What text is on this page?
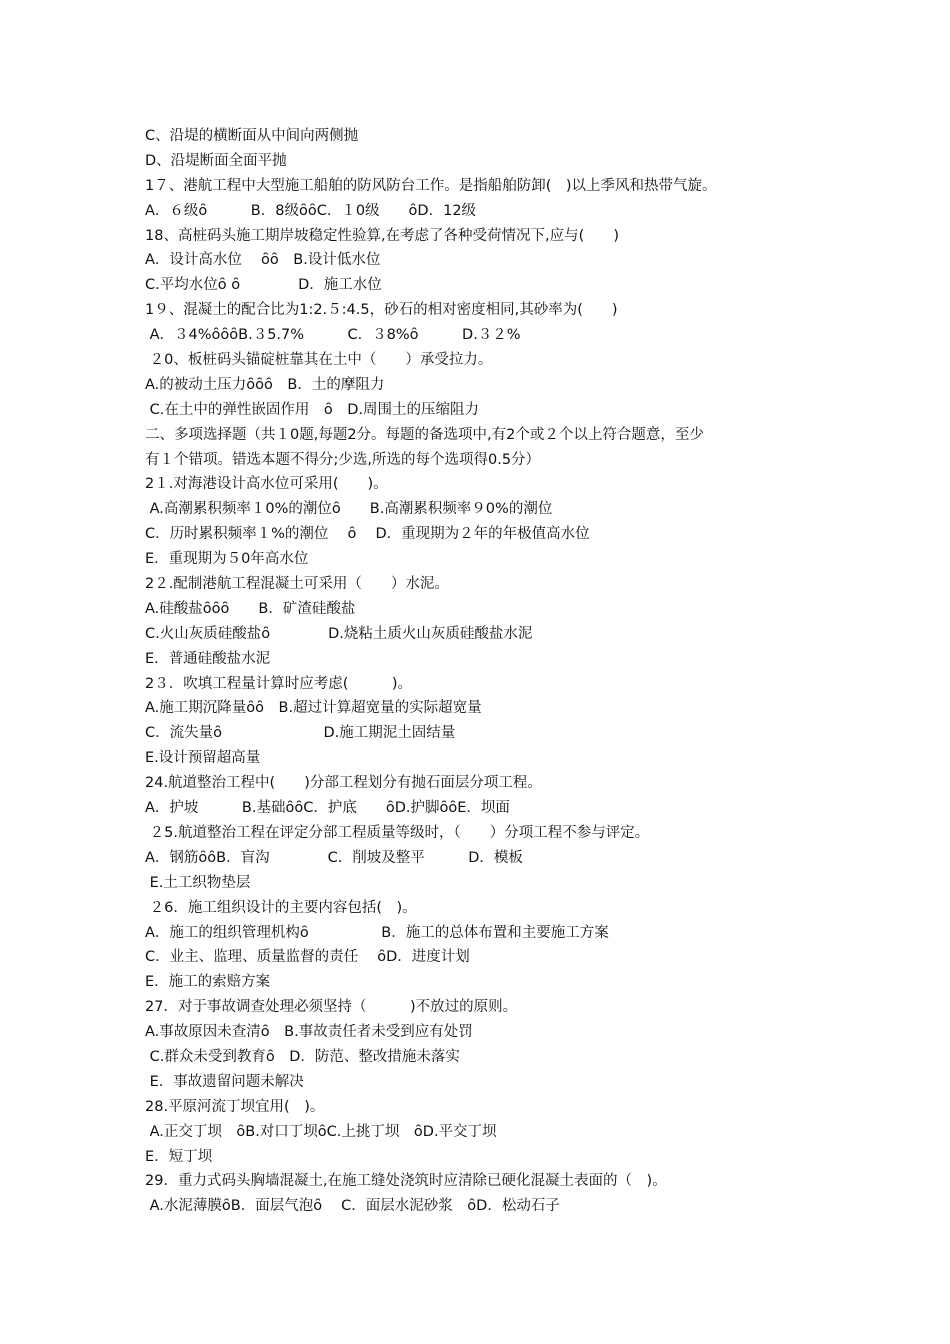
C、沿堤的横断面从中间向两侧抛
D、沿堤断面全面平抛
1７、港航工程中大型施工船舶的防风防台工作。是指船舶防卸(　)以上季风和热带气旋。
A．６级ȏ　　　B．8级ȏȏC．１0级　　ȏD．12级
18、高桩码头施工期岸坡稳定性验算,在考虑了各种受荷情况下,应与(　　)
A．设计高水位　 ȏȏ　B.设计低水位
C.平均水位ȏ ȏ　　　　D．施工水位
1９、混凝土的配合比为1:2.５:4.5，砂石的相对密度相同,其砂率为(　　)
A．３4%ȏȏȏB.３5.7%　　　C．３8%ȏ　　　D.３２%
２0、板桩码头锚碇桩靠其在土中（　　）承受拉力。
A.的被动土压力ȏȏȏ　B．土的摩阻力
C.在土中的弹性嵌固作用　ȏ　D.周围土的压缩阻力
二、多项选择题（共１0题,每题2分。每题的备选项中,有2个或２个以上符合题意，至少
有１个错项。错选本题不得分;少选,所选的每个选项得0.5分）
2１.对海港设计高水位可采用(　　)。
A.高潮累积频率１0%的潮位ȏ　　B.高潮累积频率９0%的潮位
C．历时累积频率１%的潮位　 ȏ　 D．重现期为２年的年极值高水位
E．重现期为５0年高水位
2２.配制港航工程混凝土可采用（　　）水泥。
A.硅酸盐ȏȏȏ　　B．矿渣硅酸盐
C.火山灰质硅酸盐ȏ　　　　D.烧粘土质火山灰质硅酸盐水泥
E．普通硅酸盐水泥
2３．吹填工程量计算时应考虑(　　　)。
A.施工期沉降量ȏȏ　B.超过计算超宽量的实际超宽量
C．流失量ȏ　　　　　　　D.施工期泥土固结量
E.设计预留超高量
24.航道整治工程中(　　)分部工程划分有抛石面层分项工程。
A．护坡　　　B.基础ȏȏC．护底　　ȏD.护脚ȏȏE．坝面
２5.航道整治工程在评定分部工程质量等级时，（　　）分项工程不参与评定。
A．钢筋ȏȏB．盲沟　　　　C．削坡及整平　　　D．模板
E.土工织物垫层
２6．施工组织设计的主要内容包括(　)。
A．施工的组织管理机构ȏ　　　　　B．施工的总体布置和主要施工方案
C．业主、监理、质量监督的责任　 ȏD．进度计划
E．施工的索赔方案
27．对于事故调查处理必须坚持（　　　)不放过的原则。
A.事故原因未查清ȏ　B.事故责任者未受到应有处罚
C.群众未受到教育ȏ　D．防范、整改措施未落实
E．事故遗留问题未解决
28.平原河流丁坝宜用(　)。
A.正交丁坝　ȏB.对口丁坝ȏC.上挑丁坝　ȏD.平交丁坝
E．短丁坝
29．重力式码头胸墙混凝土,在施工缝处浇筑时应清除已硬化混凝土表面的（　)。
A.水泥薄膜ȏB．面层气泡ȏ　 C．面层水泥砂浆　ȏD．松动石子
